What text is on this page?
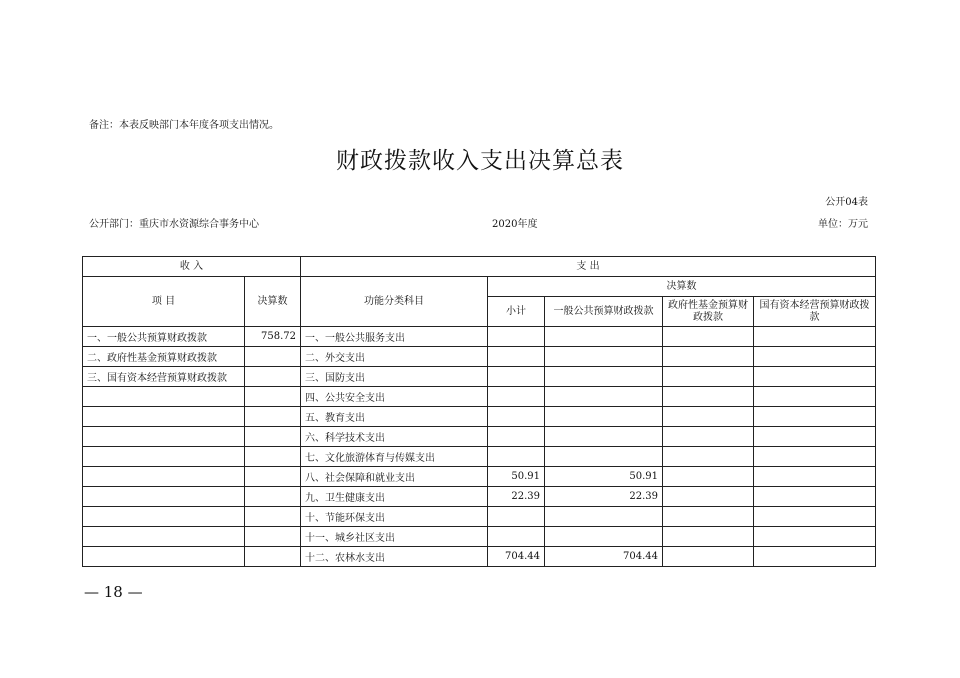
备注：本表反映部门本年度各项支出情况。
财政拨款收入支出决算总表
公开04表
公开部门：重庆市水资源综合事务中心	2020年度	单位：万元
收 入		支 出				
项 目	决算数	功能分类科目	决算数			
			小计	一般公共预算财政拨款	政府性基金预算财政拨款	国有资本经营预算财政拨款
一、一般公共预算财政拨款	758.72	一、一般公共服务支出				
二、政府性基金预算财政拨款		二、外交支出				
三、国有资本经营预算财政拨款		三、国防支出				
		四、公共安全支出				
		五、教育支出				
		六、科学技术支出				
		七、文化旅游体育与传媒支出				
		八、社会保障和就业支出	50.91	50.91		
		九、卫生健康支出	22.39	22.39		
		十、节能环保支出				
		十一、城乡社区支出				
		十二、农林水支出	704.44	704.44		
— 18 —
